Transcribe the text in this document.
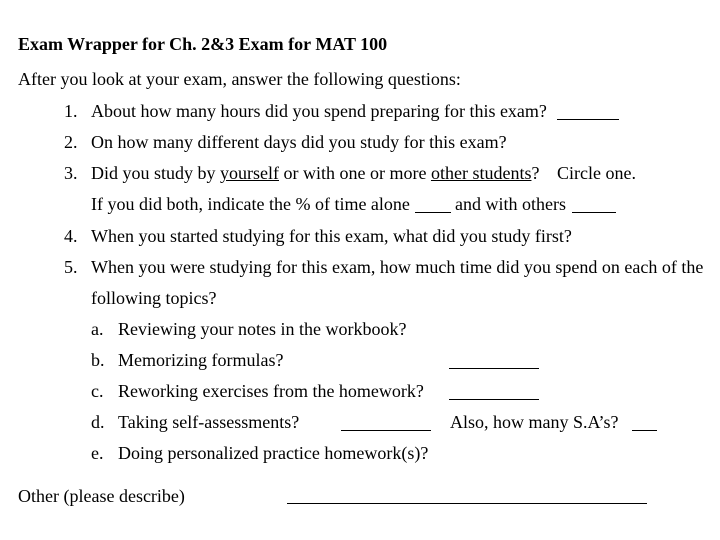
Exam Wrapper for Ch. 2&3 Exam for MAT 100
After you look at your exam, answer the following questions:
1. About how many hours did you spend preparing for this exam?
2. On how many different days did you study for this exam?
3. Did you study by yourself or with one or more other students? Circle one.
If you did both, indicate the % of time alone	and with others
4. When you started studying for this exam, what did you study first?
5. When you were studying for this exam, how much time did you spend on each of the
following topics?
a. Reviewing your notes in the workbook?
b. Memorizing formulas?
c. Reworking exercises from the homework?
d. Taking self-assessments?	Also, how many S.A’s?
e. Doing personalized practice homework(s)?
Other (please describe)
